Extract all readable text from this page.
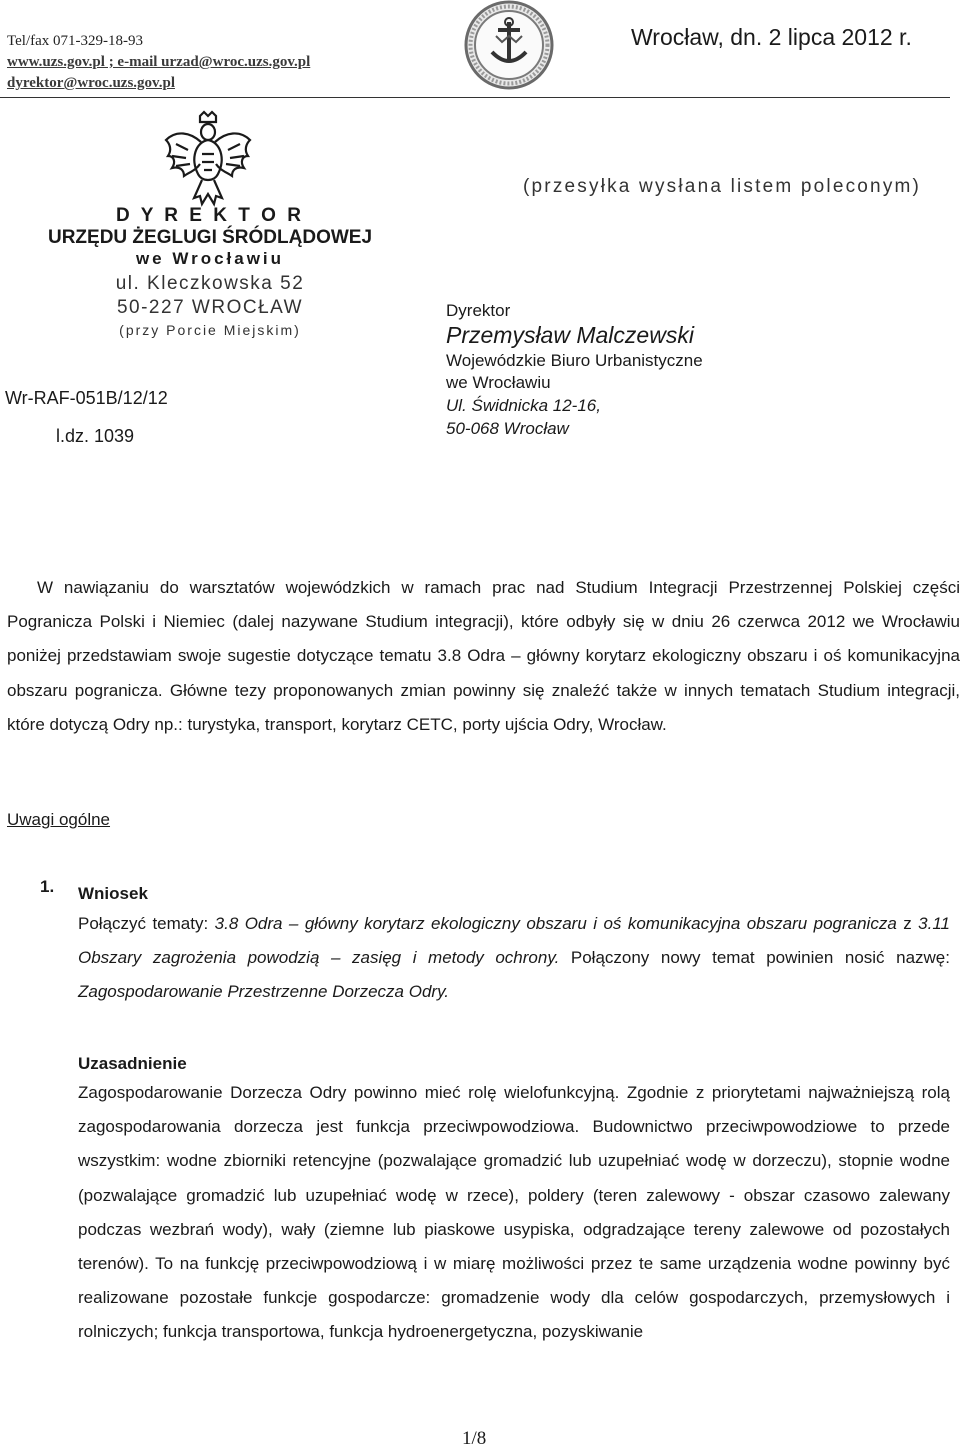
Tel/fax 071-329-18-93
www.uzs.gov.pl ; e-mail urzad@wroc.uzs.gov.pl
dyrektor@wroc.uzs.gov.pl
Wrocław, dn. 2 lipca 2012 r.
D Y R E K T O R
URZĘDU ŻEGLUGI ŚRÓDLĄDOWEJ
we Wrocławiu
ul. Kleczkowska 52
50-227 WROCŁAW
(przy Porcie Miejskim)
Wr-RAF-051B/12/12
l.dz. 1039
(przesyłka wysłana listem poleconym)
Dyrektor
Przemysław Malczewski
Wojewódzkie Biuro Urbanistyczne
we Wrocławiu
Ul. Świdnicka 12-16,
50-068 Wrocław
W nawiązaniu do warsztatów wojewódzkich w ramach prac nad Studium Integracji Przestrzennej Polskiej części Pogranicza Polski i Niemiec (dalej nazywane Studium integracji), które odbyły się w dniu 26 czerwca 2012 we Wrocławiu poniżej przedstawiam swoje sugestie dotyczące tematu 3.8 Odra – główny korytarz ekologiczny obszaru i oś komunikacyjna obszaru pogranicza. Główne tezy proponowanych zmian powinny się znaleźć także w innych tematach Studium integracji, które dotyczą Odry np.: turystyka, transport, korytarz CETC, porty ujścia Odry, Wrocław.
Uwagi ogólne
1. Wniosek
Połączyć tematy: 3.8 Odra – główny korytarz ekologiczny obszaru i oś komunikacyjna obszaru pogranicza z 3.11 Obszary zagrożenia powodzią – zasięg i metody ochrony. Połączony nowy temat powinien nosić nazwę: Zagospodarowanie Przestrzenne Dorzecza Odry.
Uzasadnienie
Zagospodarowanie Dorzecza Odry powinno mieć rolę wielofunkcyjną. Zgodnie z priorytetami najważniejszą rolą zagospodarowania dorzecza jest funkcja przeciwpowodziowa. Budownictwo przeciwpowodziowe to przede wszystkim: wodne zbiorniki retencyjne (pozwalające gromadzić lub uzupełniać wodę w dorzeczu), stopnie wodne (pozwalające gromadzić lub uzupełniać wodę w rzece), poldery (teren zalewowy - obszar czasowo zalewany podczas wezbrań wody), wały (ziemne lub piaskowe usypiska, odgradzające tereny zalewowe od pozostałych terenów). To na funkcję przeciwpowodziową i w miarę możliwości przez te same urządzenia wodne powinny być realizowane pozostałe funkcje gospodarcze: gromadzenie wody dla celów gospodarczych, przemysłowych i rolniczych; funkcja transportowa, funkcja hydroenergetyczna, pozyskiwanie
1/8
